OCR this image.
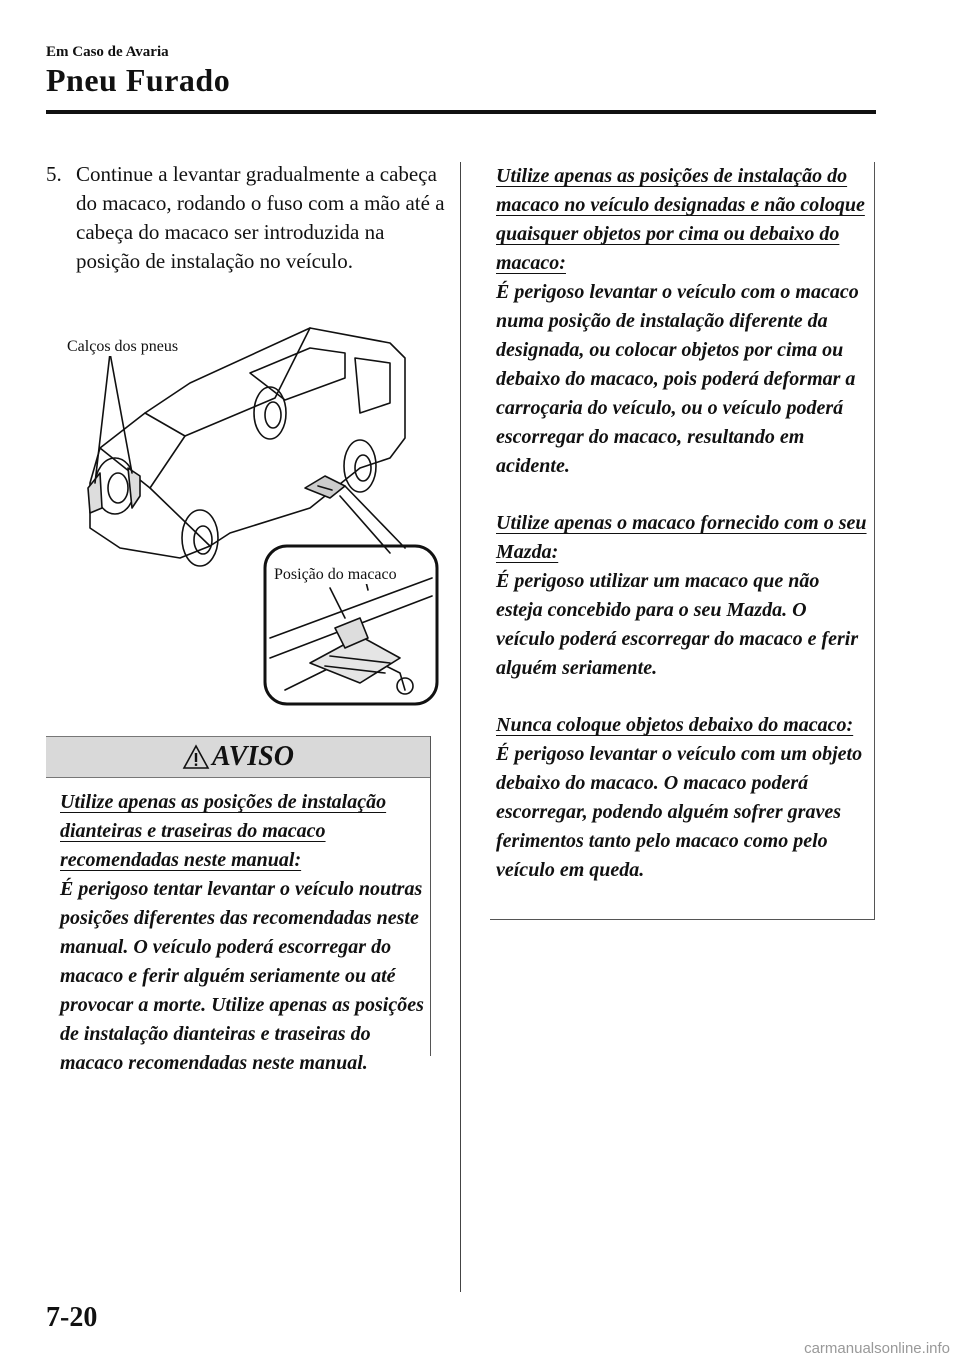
Em Caso de Avaria
Pneu Furado
5. Continue a levantar gradualmente a cabeça do macaco, rodando o fuso com a mão até a cabeça do macaco ser introduzida na posição de instalação no veículo.
Calços dos pneus
Posição do macaco
AVISO
Utilize apenas as posições de instalação dianteiras e traseiras do macaco recomendadas neste manual:
É perigoso tentar levantar o veículo noutras posições diferentes das recomendadas neste manual. O veículo poderá escorregar do macaco e ferir alguém seriamente ou até provocar a morte. Utilize apenas as posições de instalação dianteiras e traseiras do macaco recomendadas neste manual.

Utilize apenas as posições de instalação do macaco no veículo designadas e não coloque quaisquer objetos por cima ou debaixo do macaco:
É perigoso levantar o veículo com o macaco numa posição de instalação diferente da designada, ou colocar objetos por cima ou debaixo do macaco, pois poderá deformar a carroçaria do veículo, ou o veículo poderá escorregar do macaco, resultando em acidente.

Utilize apenas o macaco fornecido com o seu Mazda:
É perigoso utilizar um macaco que não esteja concebido para o seu Mazda. O veículo poderá escorregar do macaco e ferir alguém seriamente.

Nunca coloque objetos debaixo do macaco:
É perigoso levantar o veículo com um objeto debaixo do macaco. O macaco poderá escorregar, podendo alguém sofrer graves ferimentos tanto pelo macaco como pelo veículo em queda.

7-20
carmanualsonline.info
